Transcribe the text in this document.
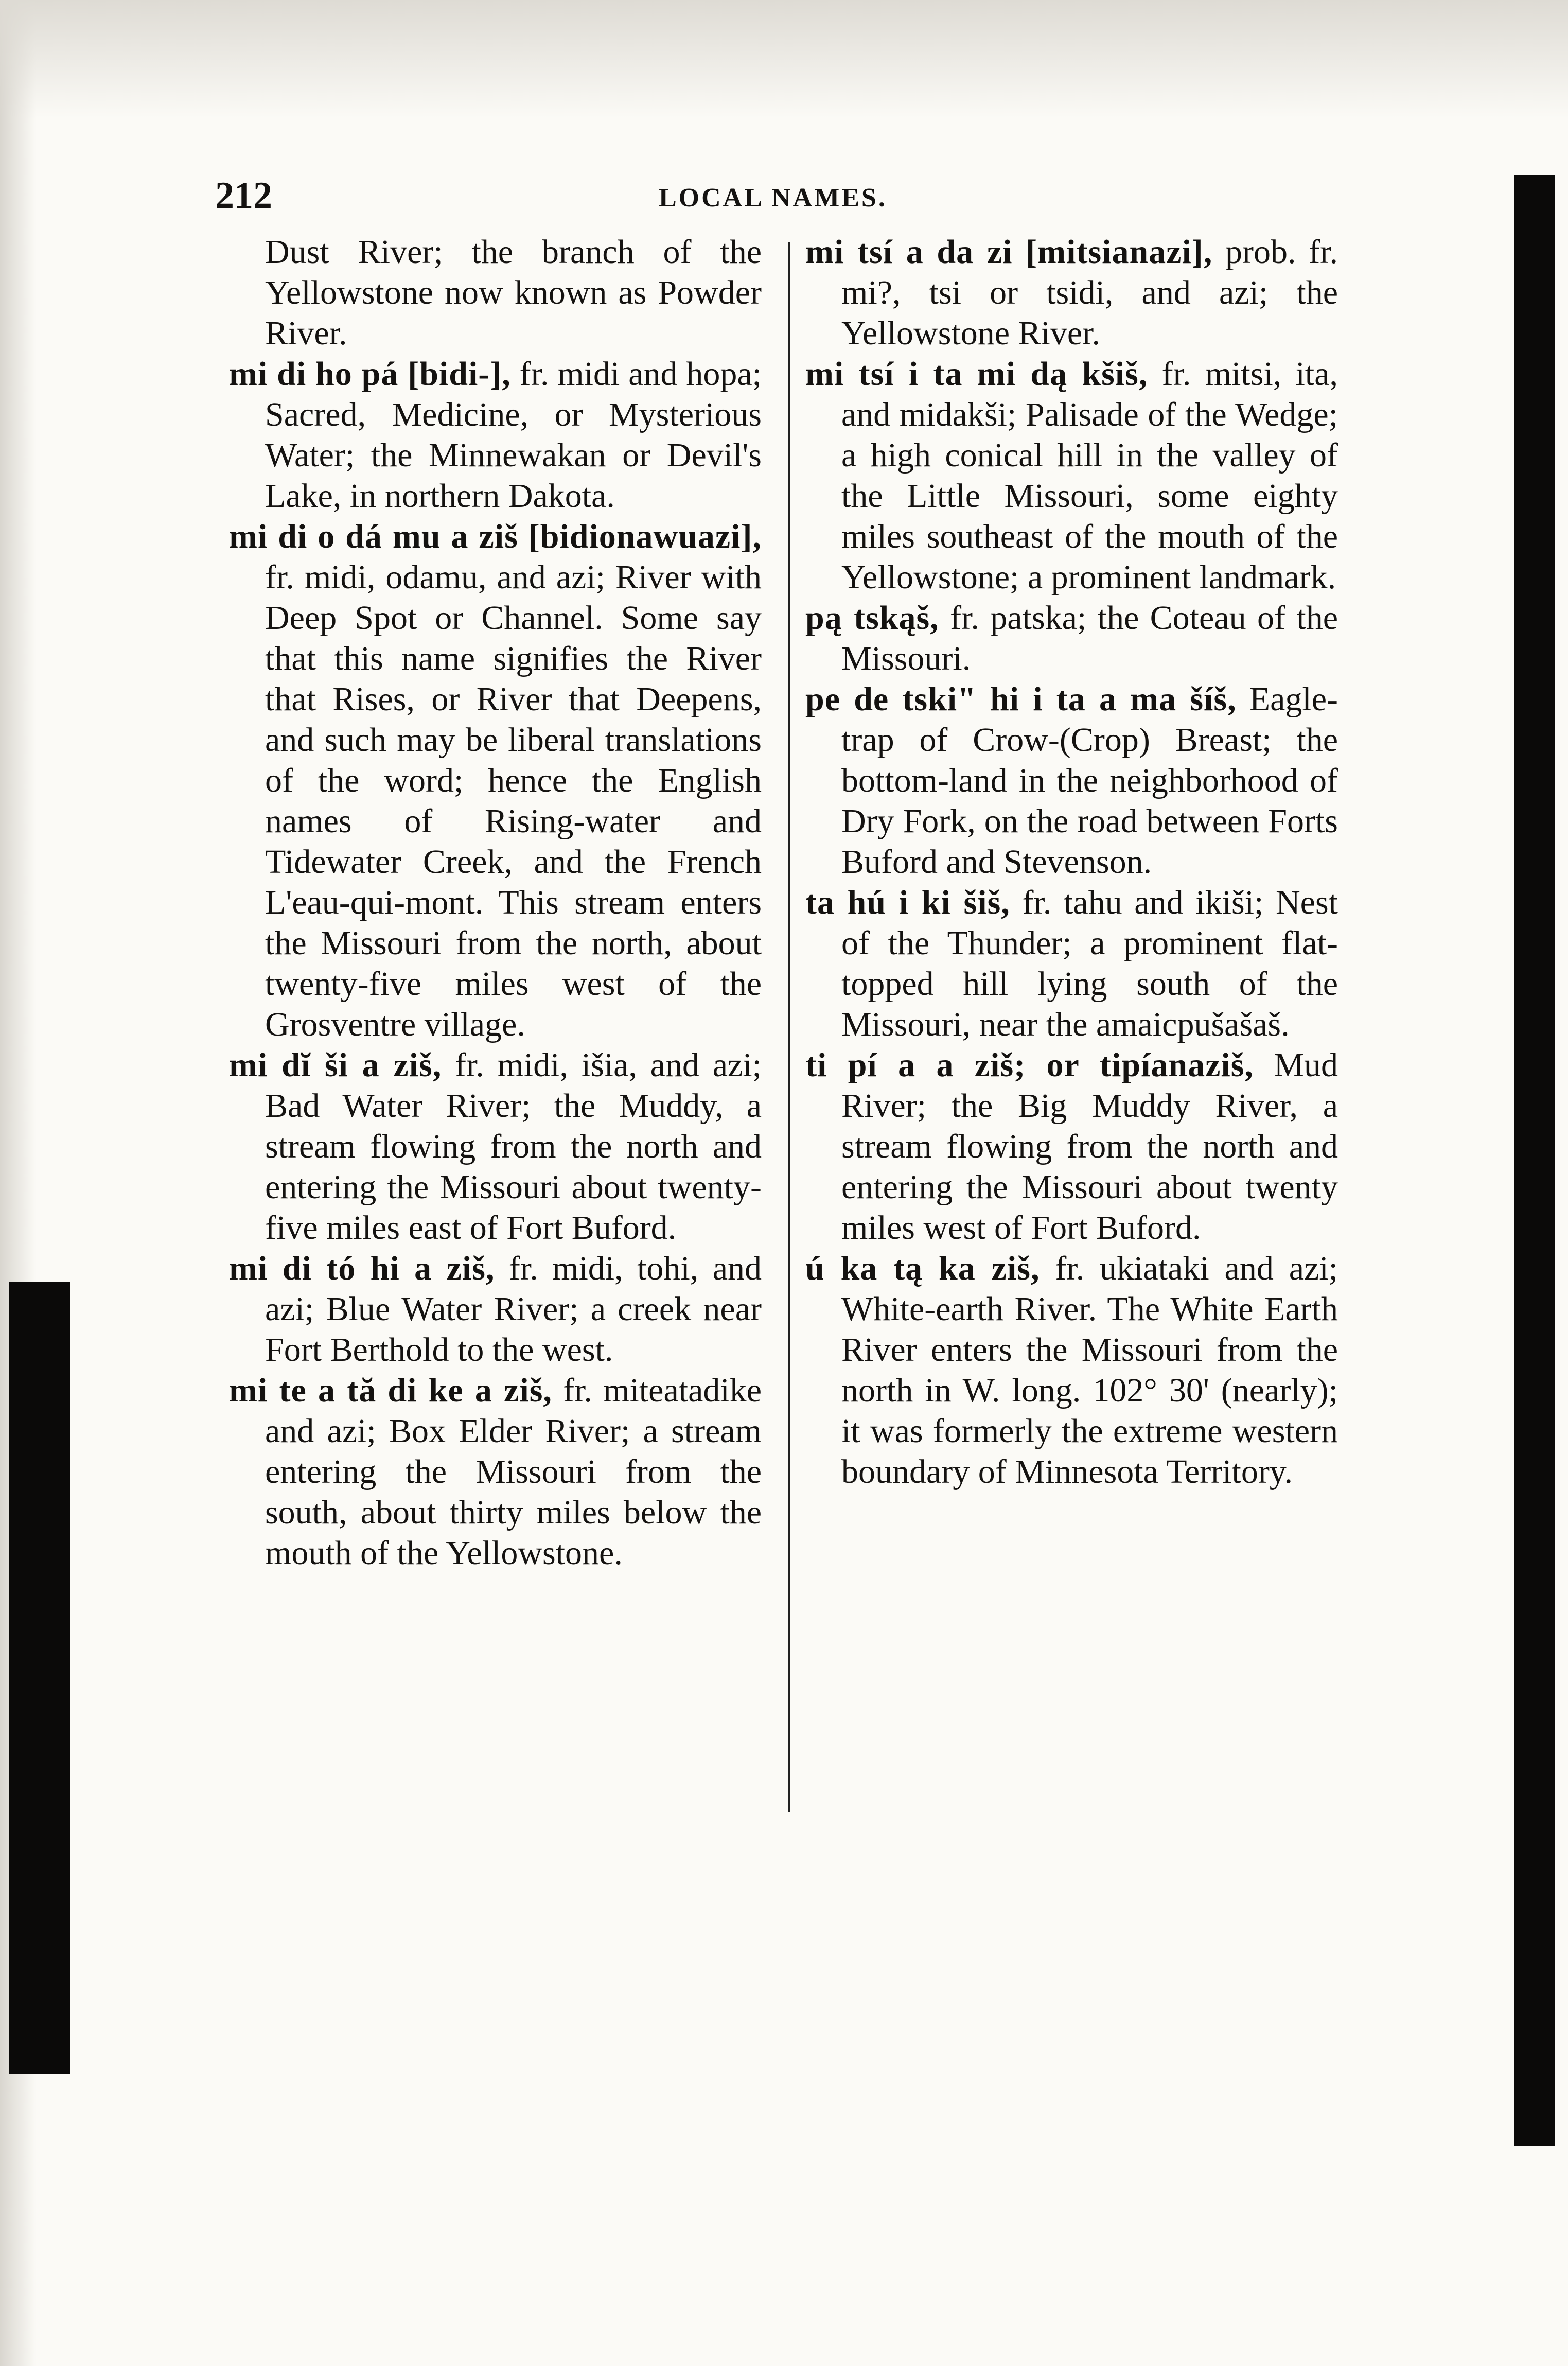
212	LOCAL NAMES.

Dust River; the branch of the Yellowstone now known as Powder River.

mi di ho pá [bidi-], fr. midi and hopa; Sacred, Medicine, or Mysterious Water; the Minnewakan or Devil's Lake, in northern Dakota.

mi di o dá mu a ziš [bidionawuazi], fr. midi, odamu, and azi; River with Deep Spot or Channel. Some say that this name signifies the River that Rises, or River that Deepens, and such may be liberal translations of the word; hence the English names of Rising-water and Tidewater Creek, and the French L'eau-qui-mont. This stream enters the Missouri from the north, about twenty-five miles west of the Grosventre village.

mi dĭ ši a ziš, fr. midi, išia, and azi; Bad Water River; the Muddy, a stream flowing from the north and entering the Missouri about twenty-five miles east of Fort Buford.

mi di tó hi a ziš, fr. midi, tohi, and azi; Blue Water River; a creek near Fort Berthold to the west.

mi te a tă di ke a ziš, fr. miteatadike and azi; Box Elder River; a stream entering the Missouri from the south, about thirty miles below the mouth of the Yellowstone.

mi tsí a da zi [mitsianazi], prob. fr. mi?, tsi or tsidi, and azi; the Yellowstone River.

mi tsí i ta mi dą kšiš, fr. mitsi, ita, and midakši; Palisade of the Wedge; a high conical hill in the valley of the Little Missouri, some eighty miles southeast of the mouth of the Yellowstone; a prominent landmark.

pą tskąš, fr. patska; the Coteau of the Missouri.

pe de tski" hi i ta a ma šíš, Eagle-trap of Crow-(Crop) Breast; the bottom-land in the neighborhood of Dry Fork, on the road between Forts Buford and Stevenson.

ta hú i ki šiš, fr. tahu and ikiši; Nest of the Thunder; a prominent flat-topped hill lying south of the Missouri, near the amaicpušašaš.

ti pí a a ziš; or tipíanaziš, Mud River; the Big Muddy River, a stream flowing from the north and entering the Missouri about twenty miles west of Fort Buford.

ú ka tą ka ziš, fr. ukiataki and azi; White-earth River. The White Earth River enters the Missouri from the north in W. long. 102° 30' (nearly); it was formerly the extreme western boundary of Minnesota Territory.
